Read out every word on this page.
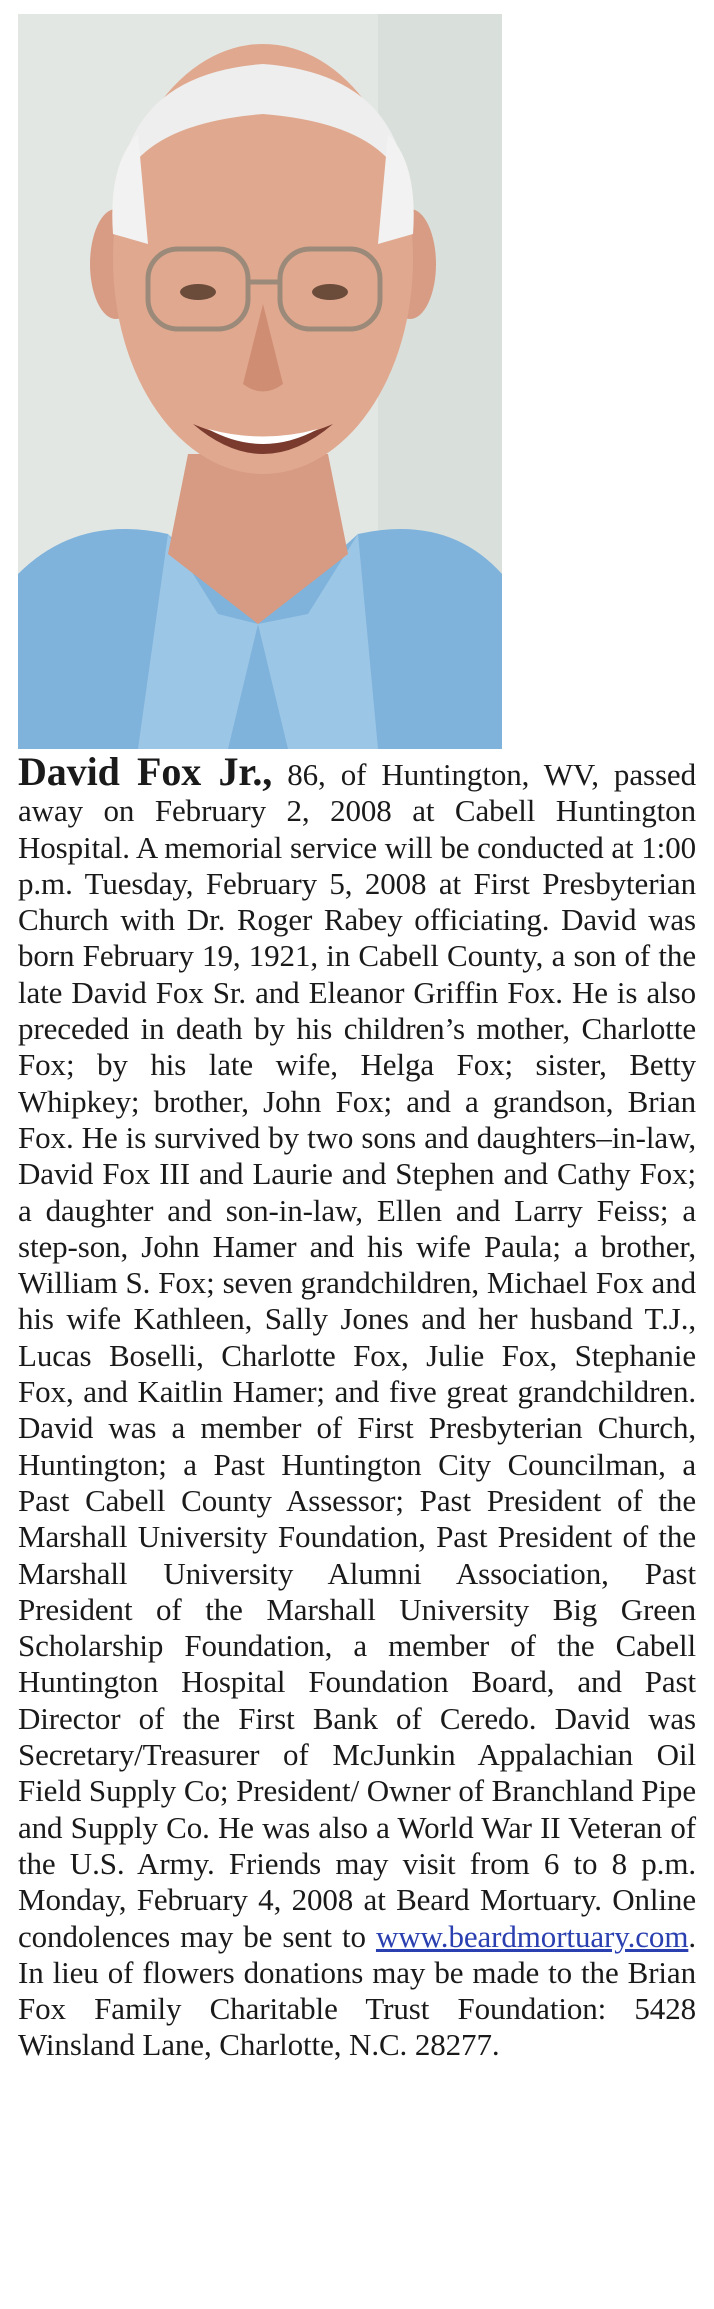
David Fox Jr., 86, of Huntington, WV, passed away on February 2, 2008 at Cabell Huntington Hospital. A memorial service will be conducted at 1:00 p.m. Tuesday, February 5, 2008 at First Presbyterian Church with Dr. Roger Rabey officiating. David was born February 19, 1921, in Cabell County, a son of the late David Fox Sr. and Eleanor Griffin Fox. He is also preceded in death by his children’s mother, Charlotte Fox; by his late wife, Helga Fox; sister, Betty Whipkey; brother, John Fox; and a grandson, Brian Fox. He is survived by two sons and daughters–in-law, David Fox III and Laurie and Stephen and Cathy Fox; a daughter and son-in-law, Ellen and Larry Feiss; a step-son, John Hamer and his wife Paula; a brother, William S. Fox; seven grandchildren, Michael Fox and his wife Kathleen, Sally Jones and her husband T.J., Lucas Boselli, Charlotte Fox, Julie Fox, Stephanie Fox, and Kaitlin Hamer; and five great grandchildren. David was a member of First Presbyterian Church, Huntington; a Past Huntington City Councilman, a Past Cabell County Assessor; Past President of the Marshall University Foundation, Past President of the Marshall University Alumni Association, Past President of the Marshall University Big Green Scholarship Foundation, a member of the Cabell Huntington Hospital Foundation Board, and Past Director of the First Bank of Ceredo. David was Secretary/Treasurer of McJunkin Appalachian Oil Field Supply Co; President/ Owner of Branchland Pipe and Supply Co. He was also a World War II Veteran of the U.S. Army. Friends may visit from 6 to 8 p.m. Monday, February 4, 2008 at Beard Mortuary. Online condolences may be sent to www.beardmortuary.com. In lieu of flowers donations may be made to the Brian Fox Family Charitable Trust Foundation: 5428 Winsland Lane, Charlotte, N.C. 28277.
